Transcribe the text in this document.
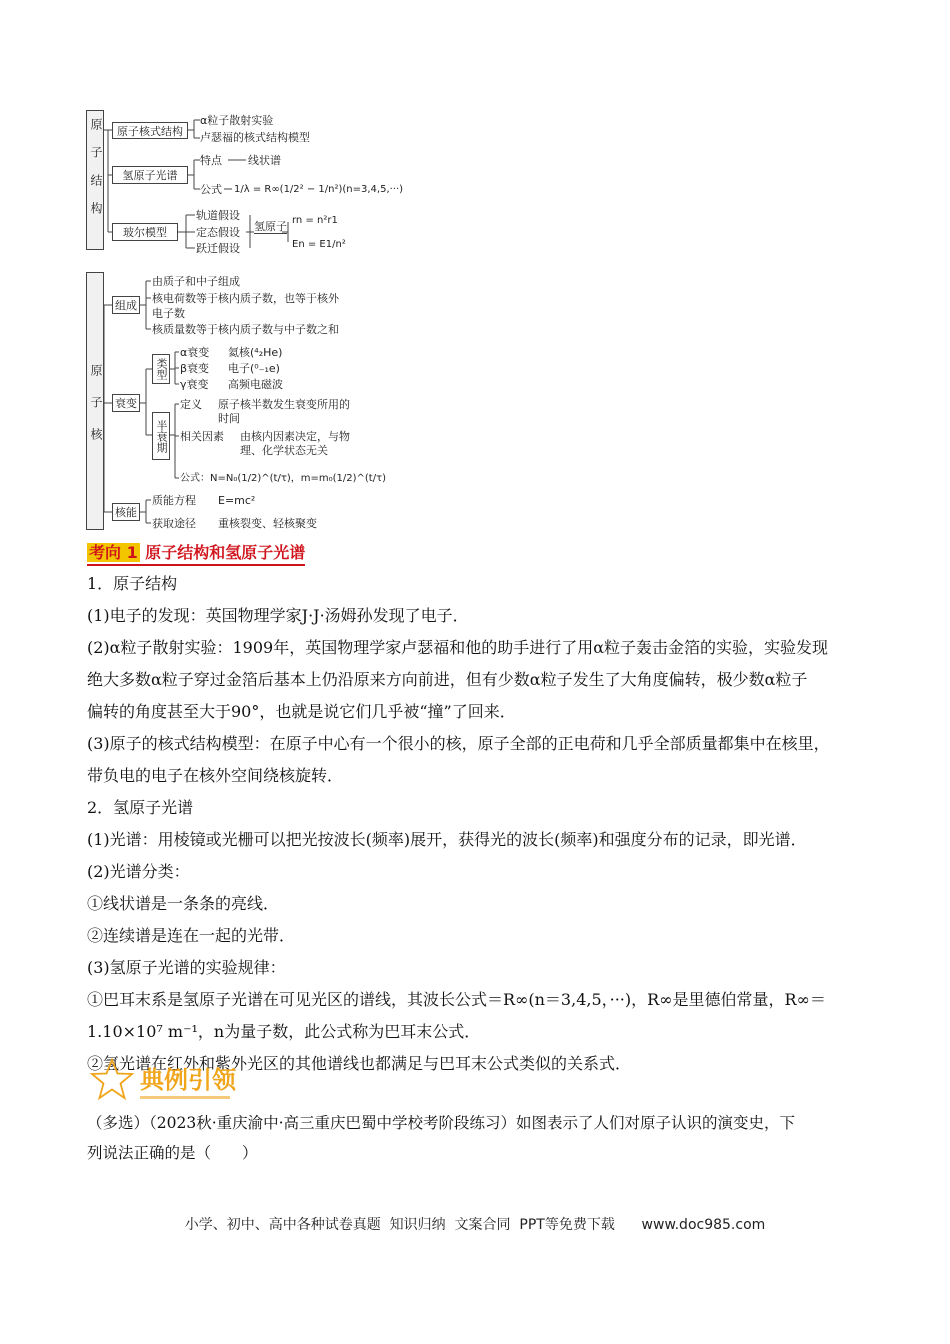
原子结构	原子核式结构
氢原子光谱
玻尔模型
α粒子散射实验
卢瑟福的核式结构模型
特点 线状谱
公式 1/λ = R∞(1/2² − 1/n²)(n=3,4,5,···)
轨道假设
定态假设
跃迁假设
氢原子 rn = n²r1
En = E1/n²
原子核
组成
由质子和中子组成
核电荷数等于核内质子数，也等于核外
电子数
核质量数等于核内质子数与中子数之和
衰变
类型
半衰期
α衰变 氦核(⁴₂He)
β衰变 电子(⁰₋₁e)
γ衰变 高频电磁波
定义 原子核半数发生衰变所用的
时间
相关因素 由核内因素决定，与物
理、化学状态无关
公式：N=N₀(1/2)^(t/τ)，m=m₀(1/2)^(t/τ)
核能
质能方程 E=mc²
获取途径 重核裂变、轻核聚变
考向 1 原子结构和氢原子光谱
1．原子结构
(1)电子的发现：英国物理学家J·J·汤姆孙发现了电子．
(2)α粒子散射实验：1909年，英国物理学家卢瑟福和他的助手进行了用α粒子轰击金箔的实验，实验发现
绝大多数α粒子穿过金箔后基本上仍沿原来方向前进，但有少数α粒子发生了大角度偏转，极少数α粒子
偏转的角度甚至大于90°，也就是说它们几乎被“撞”了回来．
(3)原子的核式结构模型：在原子中心有一个很小的核，原子全部的正电荷和几乎全部质量都集中在核里，
带负电的电子在核外空间绕核旋转．
2．氢原子光谱
(1)光谱：用棱镜或光栅可以把光按波长(频率)展开，获得光的波长(频率)和强度分布的记录，即光谱．
(2)光谱分类：
①线状谱是一条条的亮线．
②连续谱是连在一起的光带．
(3)氢原子光谱的实验规律：
①巴耳末系是氢原子光谱在可见光区的谱线，其波长公式＝R∞(n＝3,4,5，···)，R∞是里德伯常量，R∞＝
1.10×10⁷ m⁻¹，n为量子数，此公式称为巴耳末公式．
②氢光谱在红外和紫外光区的其他谱线也都满足与巴耳末公式类似的关系式．
典例引领
（多选）（2023秋·重庆渝中·高三重庆巴蜀中学校考阶段练习）如图表示了人们对原子认识的演变史，下
列说法正确的是（　　）
小学、初中、高中各种试卷真题  知识归纳  文案合同  PPT等免费下载      www.doc985.com
